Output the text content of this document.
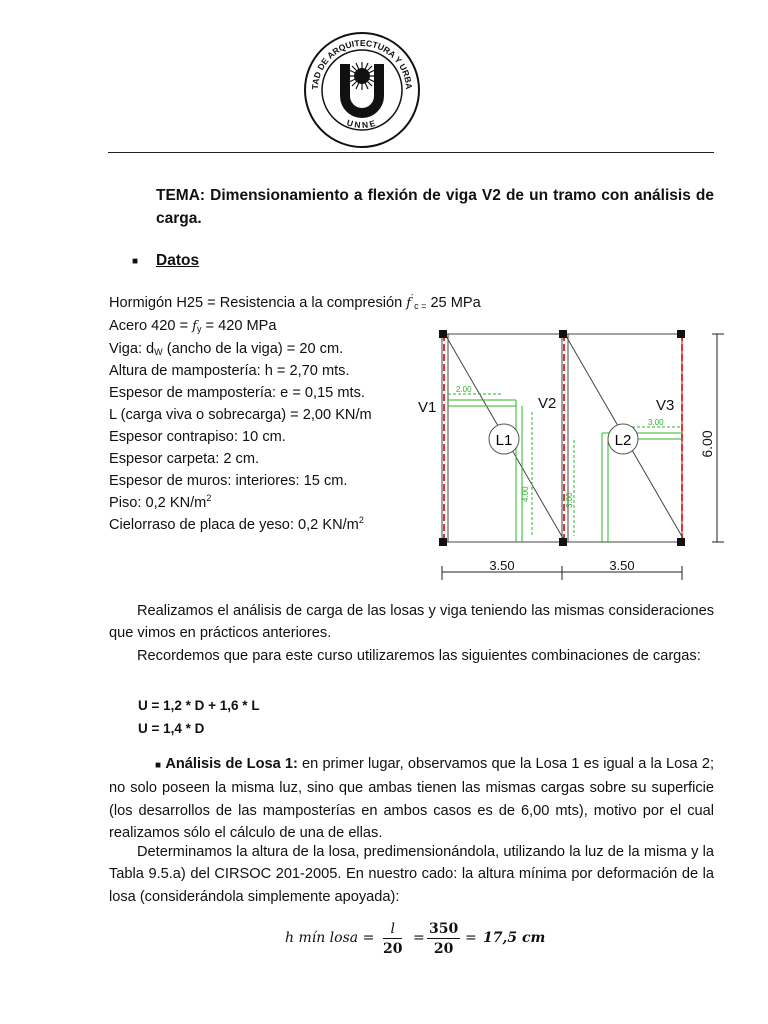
TAD DE ARQUITECTURA Y URBA
UNNE
TEMA: Dimensionamiento a flexión de viga V2 de un tramo con análisis de carga.
■ Datos
Hormigón H25 = Resistencia a la compresión $f^´_{c =}$ 25 MPa
Acero $420 = f_y = 420$ MPa
Viga: $d_W$ (ancho de la viga) = 20 cm.
Altura de mampostería: h = 2,70 mts.
Espesor de mampostería: e = 0,15 mts.
L (carga viva o sobrecarga) = 2,00 KN/m
Espesor contrapiso: 10 cm.
Espesor carpeta: 2 cm.
Espesor de muros: interiores: 15 cm.
Piso: 0,2 $KN/m^2$
Cielorraso de placa de yeso: 0,2 $KN/m^2$
2.00
4.00
3.00
3.00
V1	V2	V3
L1	L2	6.00
3.50	3.50
Realizamos el análisis de carga de las losas y viga teniendo las mismas consideraciones que vimos en prácticos anteriores.
Recordemos que para este curso utilizaremos las siguientes combinaciones de cargas:
U = 1,2 * D + 1,6 * L
U = 1,4 * D
■ Análisis de Losa 1: en primer lugar, observamos que la Losa 1 es igual a la Losa 2; no solo poseen la misma luz, sino que ambas tienen las mismas cargas sobre su superficie (los desarrollos de las mamposterías en ambos casos es de 6,00 mts), motivo por el cual realizamos sólo el cálculo de una de ellas.
Determinamos la altura de la losa, predimensionándola, utilizando la luz de la misma y la Tabla 9.5.a) del CIRSOC 201-2005. En nuestro cado: la altura mínima por deformación de la losa (considerándola simplemente apoyada):
h mín losa = $\frac{l}{20} = \frac{350}{20} = 17,5$ cm
